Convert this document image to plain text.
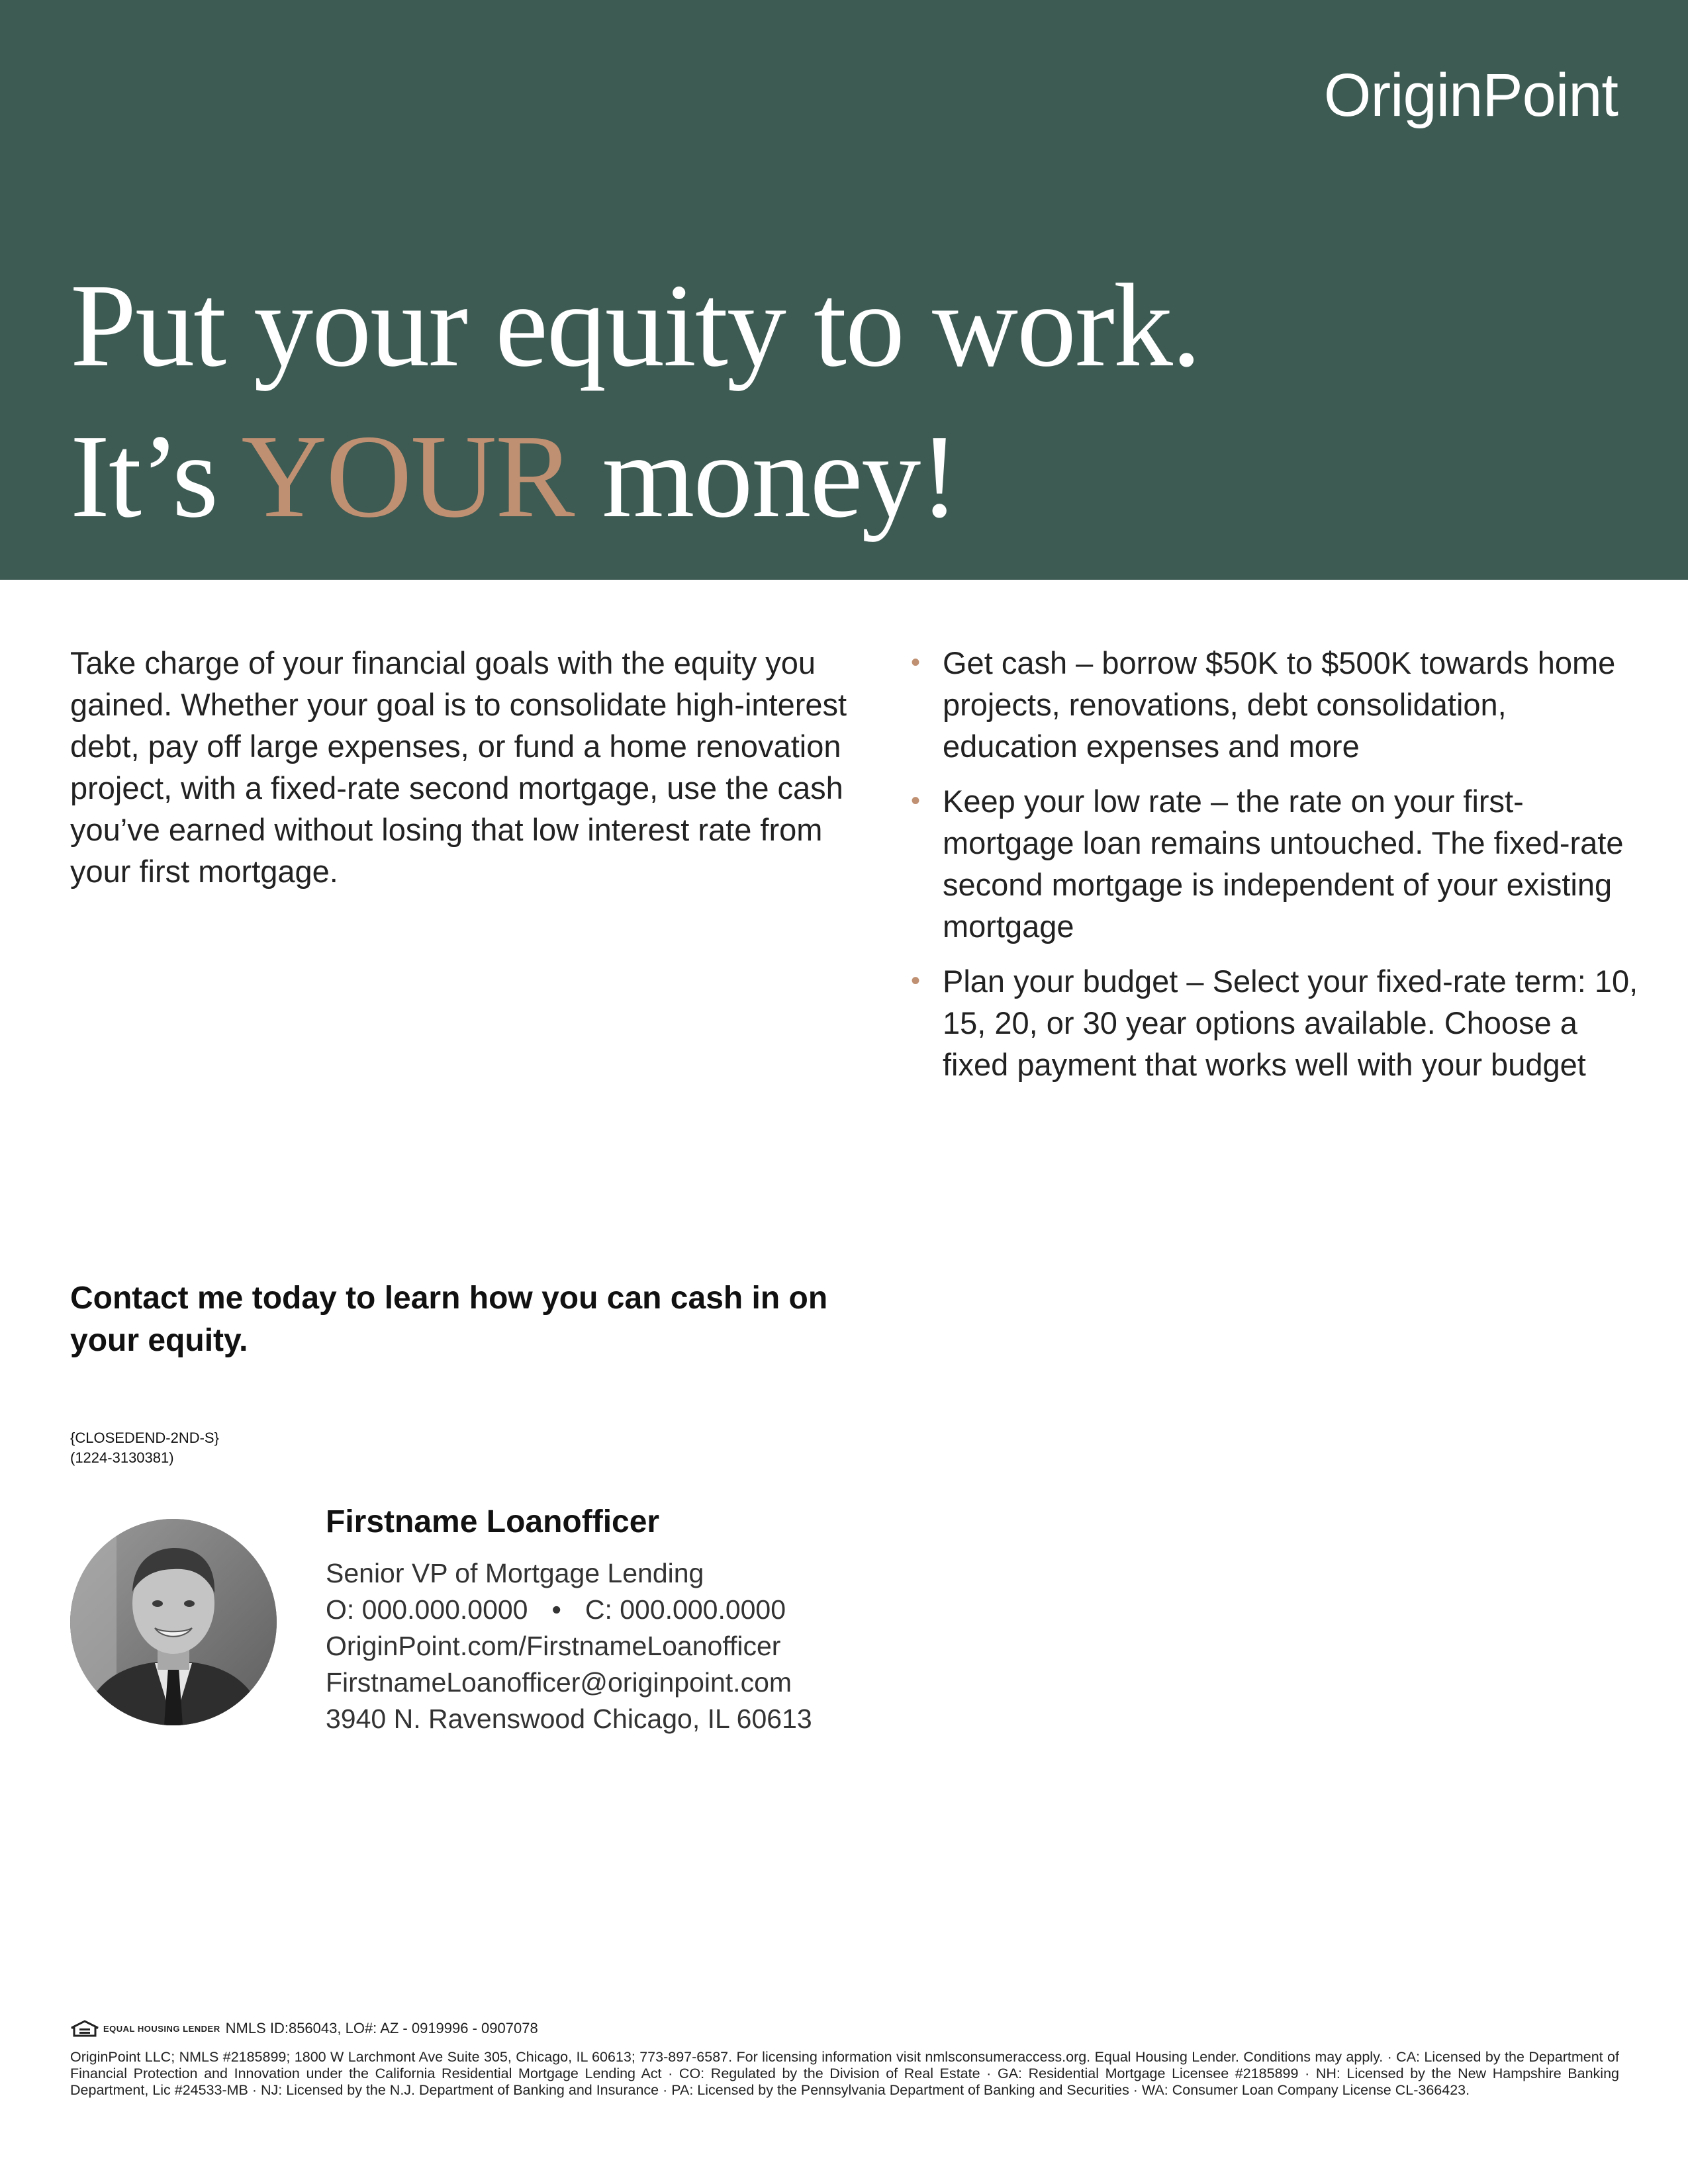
OriginPoint
Put your equity to work.
It’s YOUR money!

Take charge of your financial goals with the equity you gained. Whether your goal is to consolidate high-interest debt, pay off large expenses, or fund a home renovation project, with a fixed-rate second mortgage, use the cash you’ve earned without losing that low interest rate from your first mortgage.

• Get cash – borrow $50K to $500K towards home projects, renovations, debt consolidation, education expenses and more
• Keep your low rate – the rate on your first-mortgage loan remains untouched. The fixed-rate second mortgage is independent of your existing mortgage
• Plan your budget – Select your fixed-rate term: 10, 15, 20, or 30 year options available. Choose a fixed payment that works well with your budget

Contact me today to learn how you can cash in on your equity.

{CLOSEDEND-2ND-S}
(1224-3130381)
Firstname Loanofficer
Senior VP of Mortgage Lending
O: 000.000.0000 • C: 000.000.0000
OriginPoint.com/FirstnameLoanofficer
FirstnameLoanofficer@originpoint.com
3940 N. Ravenswood Chicago, IL 60613
EQUAL HOUSING LENDER NMLS ID:856043, LO#: AZ - 0919996 - 0907078

OriginPoint LLC; NMLS #2185899; 1800 W Larchmont Ave Suite 305, Chicago, IL 60613; 773-897-6587. For licensing information visit nmlsconsumeraccess.org. Equal Housing Lender. Conditions may apply. · CA: Licensed by the Department of Financial Protection and Innovation under the California Residential Mortgage Lending Act · CO: Regulated by the Division of Real Estate · GA: Residential Mortgage Licensee #2185899 · NH: Licensed by the New Hampshire Banking Department, Lic #24533-MB · NJ: Licensed by the N.J. Department of Banking and Insurance · PA: Licensed by the Pennsylvania Department of Banking and Securities · WA: Consumer Loan Company License CL-366423.
